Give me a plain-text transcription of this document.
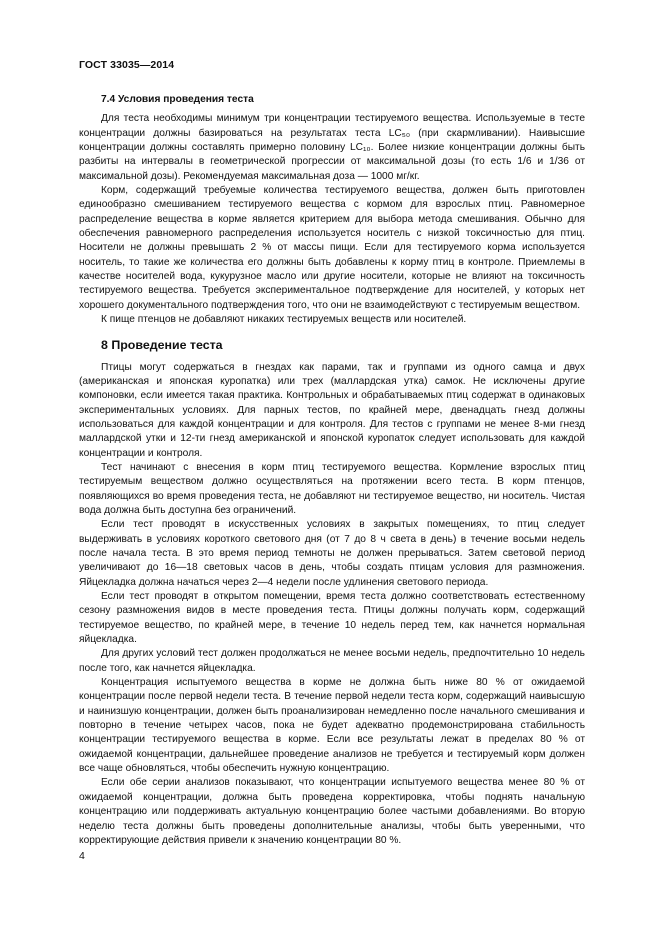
ГОСТ 33035—2014
7.4 Условия проведения теста

Для теста необходимы минимум три концентрации тестируемого вещества. Используемые в тесте концентрации должны базироваться на результатах теста LC₅₀ (при скармливании). Наивысшие концентрации должны составлять примерно половину LC₁₀. Более низкие концентрации должны быть разбиты на интервалы в геометрической прогрессии от максимальной дозы (то есть 1/6 и 1/36 от максимальной дозы). Рекомендуемая максимальная доза — 1000 мг/кг.

Корм, содержащий требуемые количества тестируемого вещества, должен быть приготовлен единообразно смешиванием тестируемого вещества с кормом для взрослых птиц. Равномерное распределение вещества в корме является критерием для выбора метода смешивания. Обычно для обеспечения равномерного распределения используется носитель с низкой токсичностью для птиц. Носители не должны превышать 2 % от массы пищи. Если для тестируемого корма используется носитель, то такие же количества его должны быть добавлены к корму птиц в контроле. Приемлемы в качестве носителей вода, кукурузное масло или другие носители, которые не влияют на токсичность тестируемого вещества. Требуется экспериментальное подтверждение для носителей, у которых нет хорошего документального подтверждения того, что они не взаимодействуют с тестируемым веществом.

К пище птенцов не добавляют никаких тестируемых веществ или носителей.

8 Проведение теста

Птицы могут содержаться в гнездах как парами, так и группами из одного самца и двух (американская и японская куропатка) или трех (маллардская утка) самок. Не исключены другие компоновки, если имеется такая практика. Контрольных и обрабатываемых птиц содержат в одинаковых экспериментальных условиях. Для парных тестов, по крайней мере, двенадцать гнезд должны использоваться для каждой концентрации и для контроля. Для тестов с группами не менее 8-ми гнезд маллардской утки и 12-ти гнезд американской и японской куропаток следует использовать для каждой концентрации и контроля.

Тест начинают с внесения в корм птиц тестируемого вещества. Кормление взрослых птиц тестируемым веществом должно осуществляться на протяжении всего теста. В корм птенцов, появляющихся во время проведения теста, не добавляют ни тестируемое вещество, ни носитель. Чистая вода должна быть доступна без ограничений.

Если тест проводят в искусственных условиях в закрытых помещениях, то птиц следует выдерживать в условиях короткого светового дня (от 7 до 8 ч света в день) в течение восьми недель после начала теста. В это время период темноты не должен прерываться. Затем световой период увеличивают до 16—18 световых часов в день, чтобы создать птицам условия для размножения. Яйцекладка должна начаться через 2—4 недели после удлинения светового периода.

Если тест проводят в открытом помещении, время теста должно соответствовать естественному сезону размножения видов в месте проведения теста. Птицы должны получать корм, содержащий тестируемое вещество, по крайней мере, в течение 10 недель перед тем, как начнется нормальная яйцекладка.

Для других условий тест должен продолжаться не менее восьми недель, предпочтительно 10 недель после того, как начнется яйцекладка.

Концентрация испытуемого вещества в корме не должна быть ниже 80 % от ожидаемой концентрации после первой недели теста. В течение первой недели теста корм, содержащий наивысшую и наинизшую концентрации, должен быть проанализирован немедленно после начального смешивания и повторно в течение четырех часов, пока не будет адекватно продемонстрирована стабильность концентрации тестируемого вещества в корме. Если все результаты лежат в пределах 80 % от ожидаемой концентрации, дальнейшее проведение анализов не требуется и тестируемый корм должен все чаще обновляться, чтобы обеспечить нужную концентрацию.

Если обе серии анализов показывают, что концентрации испытуемого вещества менее 80 % от ожидаемой концентрации, должна быть проведена корректировка, чтобы поднять начальную концентрацию или поддерживать актуальную концентрацию более частыми добавлениями. Во вторую неделю теста должны быть проведены дополнительные анализы, чтобы быть уверенными, что корректирующие действия привели к значению концентрации 80 %.

4
